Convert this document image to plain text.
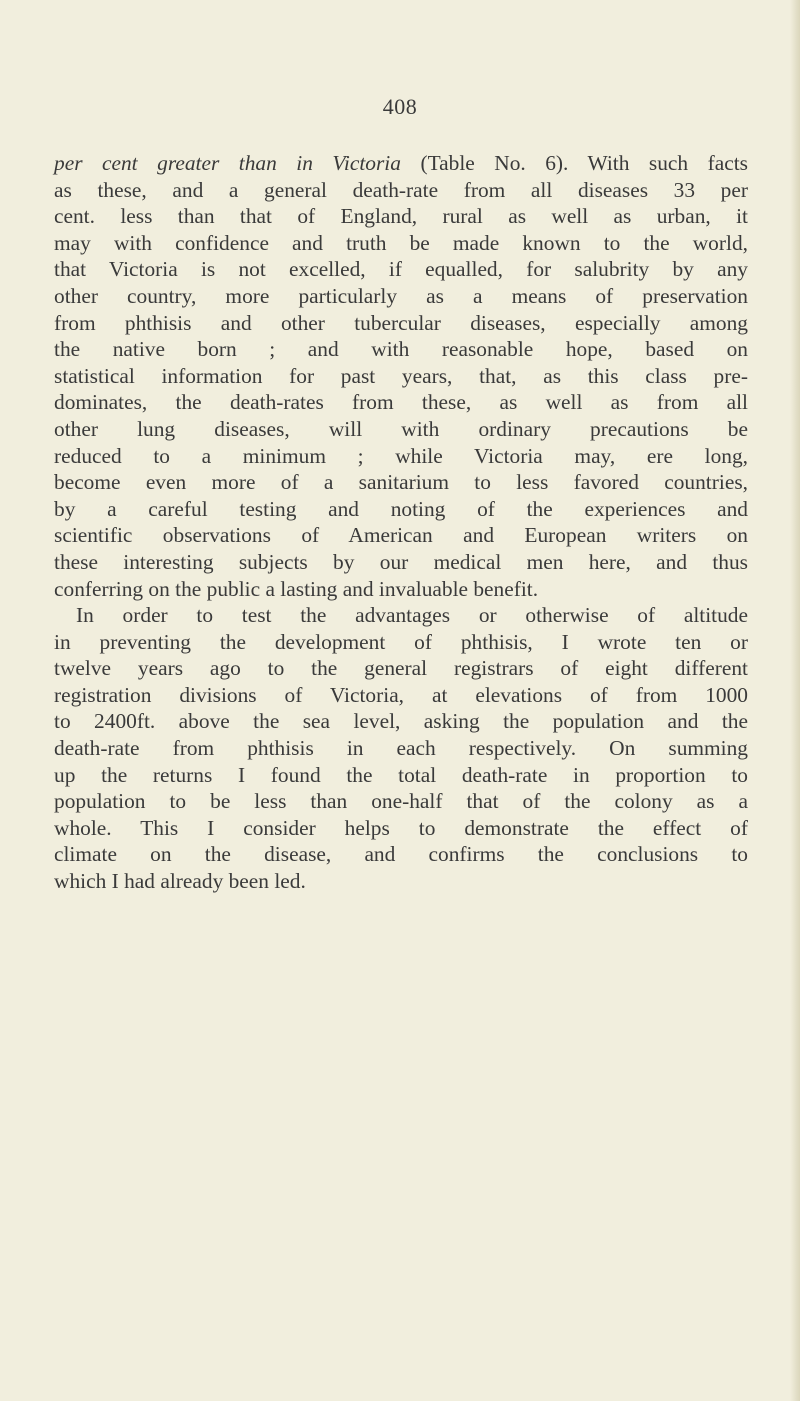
408
per cent greater than in Victoria (Table No. 6). With such facts
as these, and a general death-rate from all diseases 33 per
cent. less than that of England, rural as well as urban, it
may with confidence and truth be made known to the world,
that Victoria is not excelled, if equalled, for salubrity by any
other country, more particularly as a means of preservation
from phthisis and other tubercular diseases, especially among
the native born ; and with reasonable hope, based on
statistical information for past years, that, as this class pre-
dominates, the death-rates from these, as well as from all
other lung diseases, will with ordinary precautions be
reduced to a minimum ; while Victoria may, ere long,
become even more of a sanitarium to less favored countries,
by a careful testing and noting of the experiences and
scientific observations of American and European writers on
these interesting subjects by our medical men here, and thus
conferring on the public a lasting and invaluable benefit.
In order to test the advantages or otherwise of altitude
in preventing the development of phthisis, I wrote ten or
twelve years ago to the general registrars of eight different
registration divisions of Victoria, at elevations of from 1000
to 2400ft. above the sea level, asking the population and the
death-rate from phthisis in each respectively. On summing
up the returns I found the total death-rate in proportion to
population to be less than one-half that of the colony as a
whole. This I consider helps to demonstrate the effect of
climate on the disease, and confirms the conclusions to
which I had already been led.
